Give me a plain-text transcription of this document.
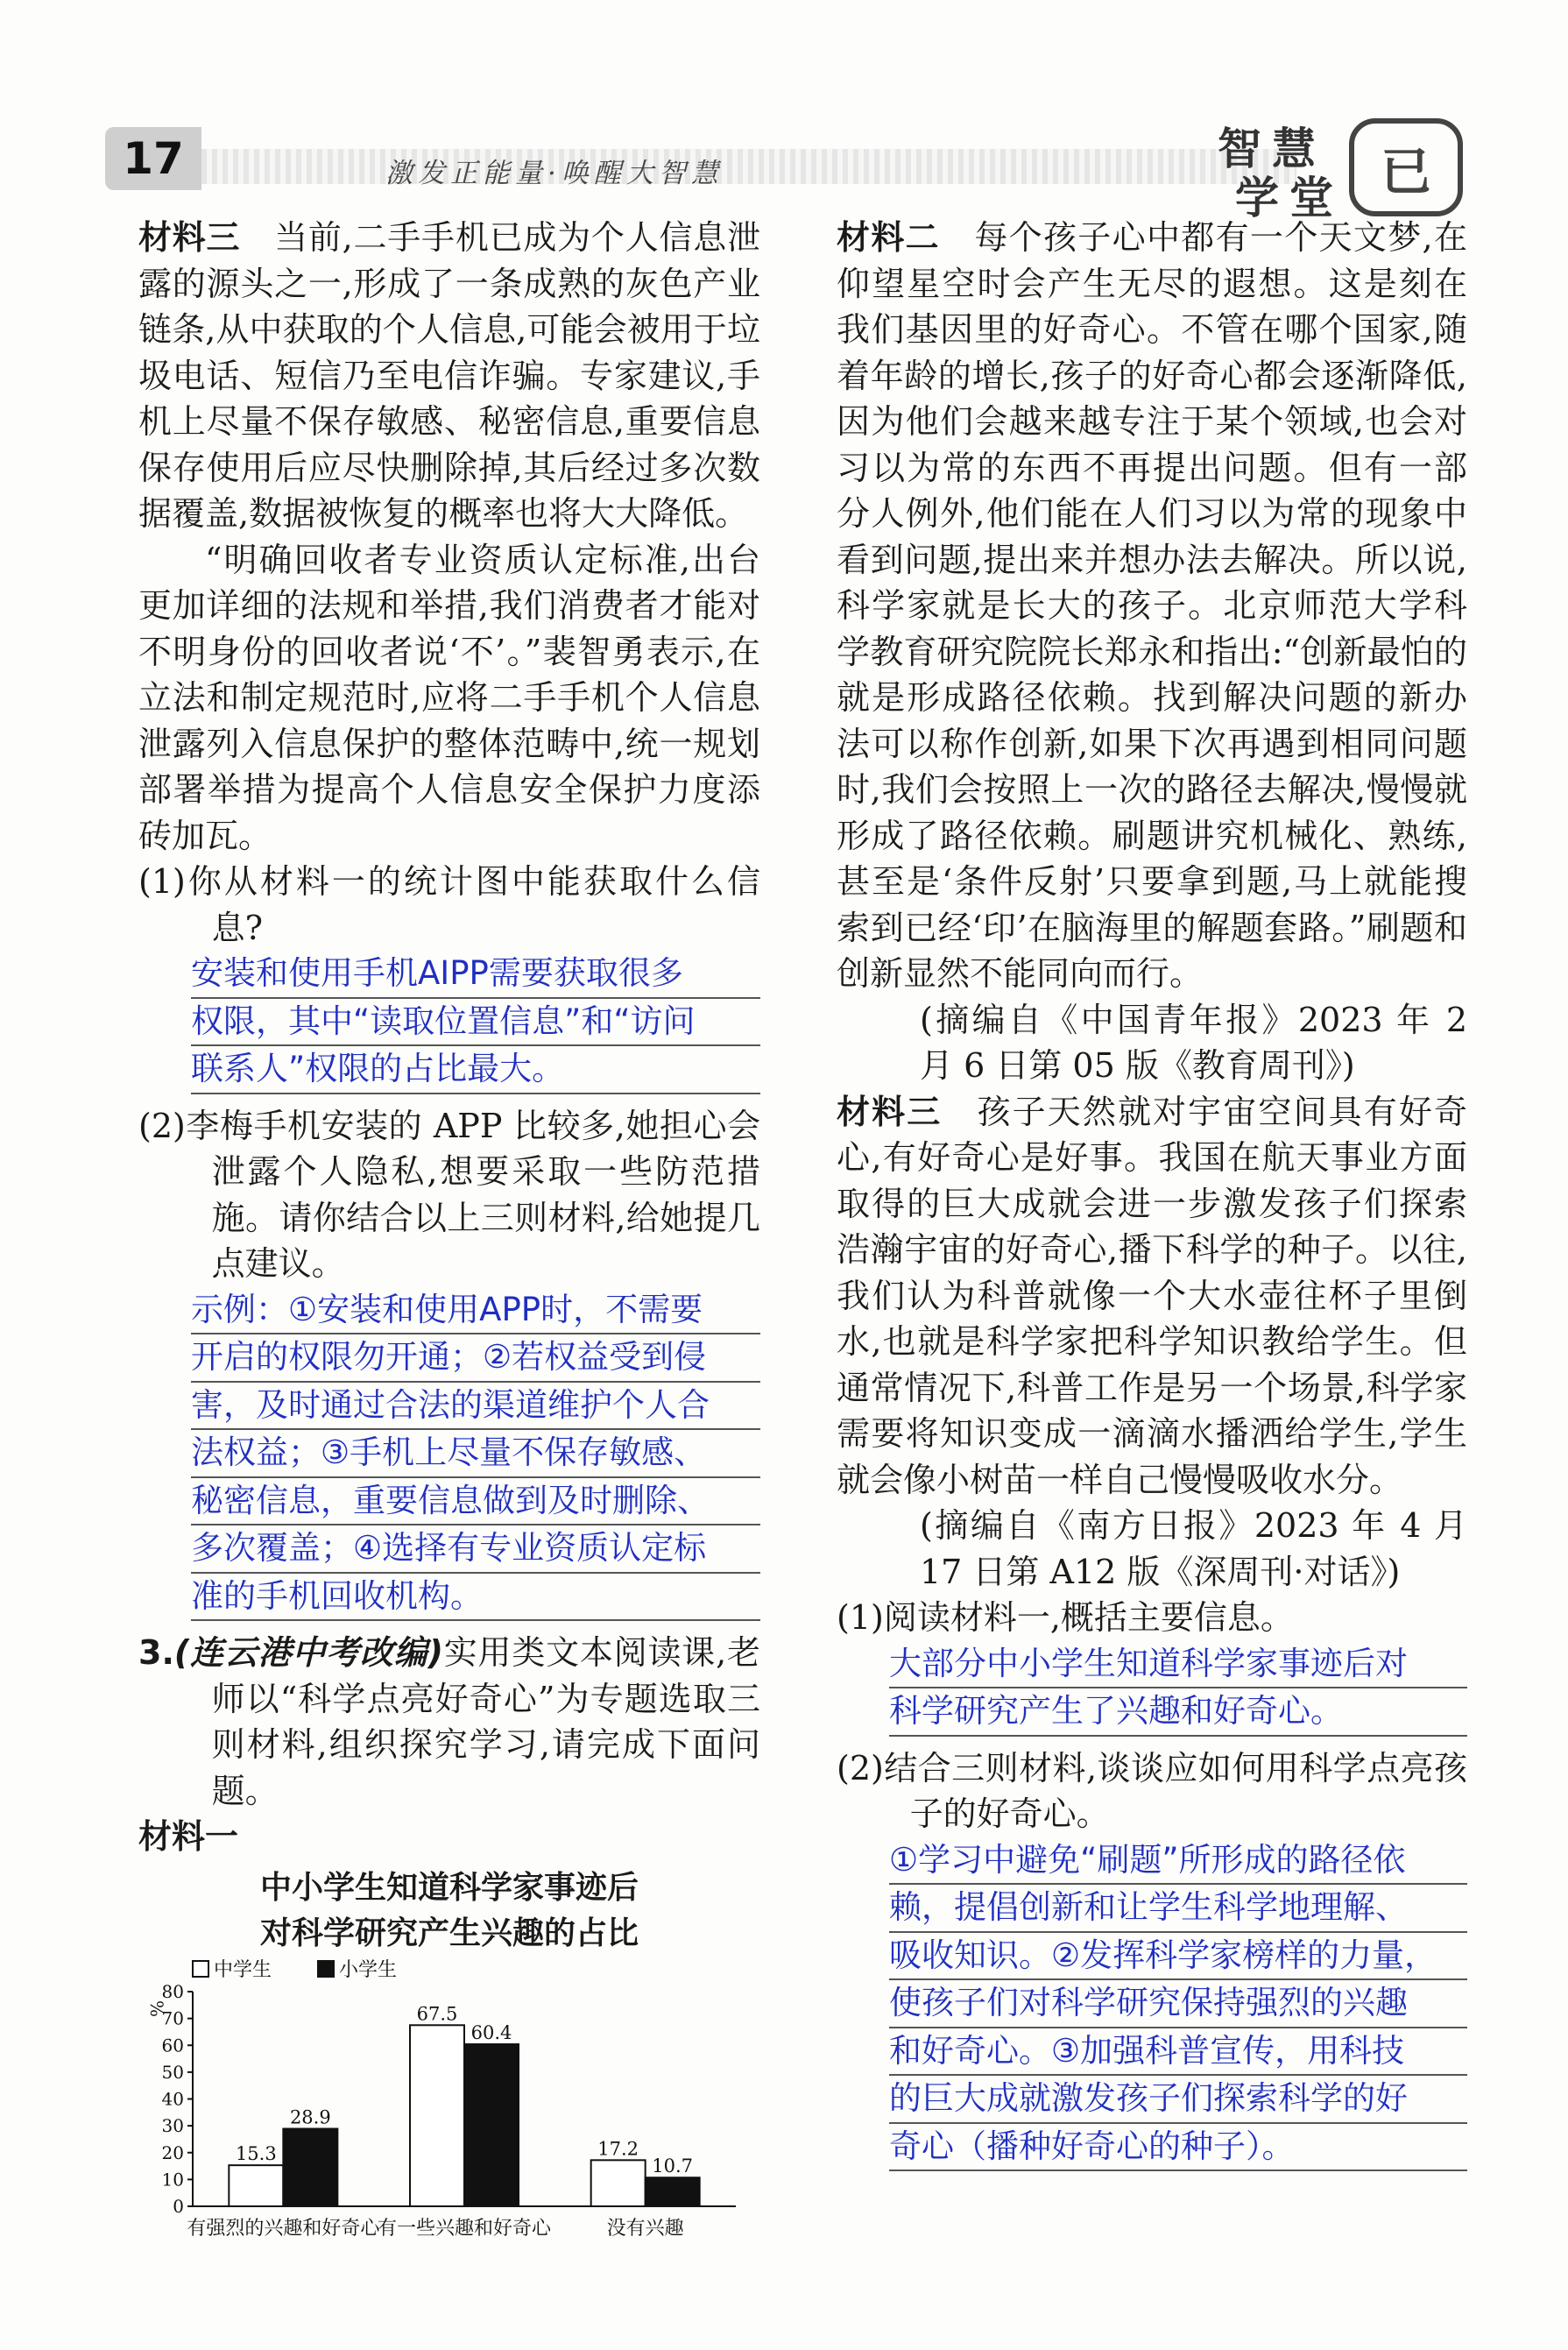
17	激发正能量·唤醒大智慧	智 慧
学 堂 已

材料三　 当前,二手手机已成为个人信息泄露的源头之一,形成了一条成熟的灰色产业链条,从中获取的个人信息,可能会被用于垃圾电话、短信乃至电信诈骗。专家建议,手机上尽量不保存敏感、秘密信息,重要信息保存使用后应尽快删除掉,其后经过多次数据覆盖,数据被恢复的概率也将大大降低。

“明确回收者专业资质认定标准,出台更加详细的法规和举措,我们消费者才能对不明身份的回收者说‘不’。”裴智勇表示,在立法和制定规范时,应将二手手机个人信息泄露列入信息保护的整体范畴中,统一规划部署举措为提高个人信息安全保护力度添砖加瓦。

(1)你从材料一的统计图中能获取什么信息?

安装和使用手机AIPP需要获取很多
权限，其中“读取位置信息”和“访问
联系人”权限的占比最大。

(2)李梅手机安装的 APP 比较多,她担心会泄露个人隐私,想要采取一些防范措施。请你结合以上三则材料,给她提几点建议。

示例：①安装和使用APP时，不需要
开启的权限勿开通；②若权益受到侵
害，及时通过合法的渠道维护个人合
法权益；③手机上尽量不保存敏感、
秘密信息，重要信息做到及时删除、
多次覆盖；④选择有专业资质认定标
准的手机回收机构。

3.(连云港中考改编)实用类文本阅读课,老师以“科学点亮好奇心”为专题选取三则材料,组织探究学习,请完成下面问题。

材料一

中小学生知道科学家事迹后

对科学研究产生兴趣的占比

中学生	小学生
%
0
10
20
30
40
50
60
70
80
15.3
28.9
有强烈的兴趣和好奇心
67.5
60.4
有一些兴趣和好奇心
17.2
10.7
没有兴趣

材料二　 每个孩子心中都有一个天文梦,在仰望星空时会产生无尽的遐想。这是刻在我们基因里的好奇心。不管在哪个国家,随着年龄的增长,孩子的好奇心都会逐渐降低,因为他们会越来越专注于某个领域,也会对习以为常的东西不再提出问题。但有一部分人例外,他们能在人们习以为常的现象中看到问题,提出来并想办法去解决。所以说,科学家就是长大的孩子。北京师范大学科学教育研究院院长郑永和指出:“创新最怕的就是形成路径依赖。找到解决问题的新办法可以称作创新,如果下次再遇到相同问题时,我们会按照上一次的路径去解决,慢慢就形成了路径依赖。刷题讲究机械化、熟练,甚至是‘条件反射’只要拿到题,马上就能搜索到已经‘印’在脑海里的解题套路。”刷题和创新显然不能同向而行。

(摘编自《中国青年报》2023 年 2 月 6 日第 05 版《教育周刊》)

材料三　 孩子天然就对宇宙空间具有好奇心,有好奇心是好事。我国在航天事业方面取得的巨大成就会进一步激发孩子们探索浩瀚宇宙的好奇心,播下科学的种子。以往,我们认为科普就像一个大水壶往杯子里倒水,也就是科学家把科学知识教给学生。但通常情况下,科普工作是另一个场景,科学家需要将知识变成一滴滴水播洒给学生,学生就会像小树苗一样自己慢慢吸收水分。

(摘编自《南方日报》2023 年 4 月 17 日第 A12 版《深周刊·对话》)

(1)阅读材料一,概括主要信息。

大部分中小学生知道科学家事迹后对
科学研究产生了兴趣和好奇心。

(2)结合三则材料,谈谈应如何用科学点亮孩子的好奇心。

①学习中避免“刷题”所形成的路径依
赖，提倡创新和让学生科学地理解、
吸收知识。②发挥科学家榜样的力量，
使孩子们对科学研究保持强烈的兴趣
和好奇心。③加强科普宣传，用科技
的巨大成就激发孩子们探索科学的好
奇心（播种好奇心的种子）。
